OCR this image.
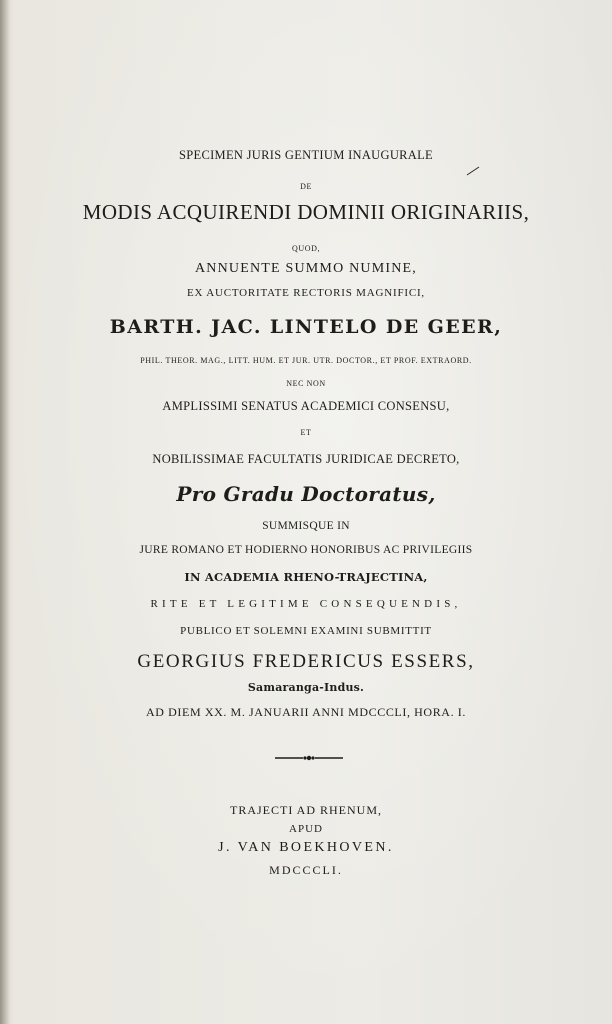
SPECIMEN JURIS GENTIUM INAUGURALE
DE
MODIS ACQUIRENDI DOMINII ORIGINARIIS,
QUOD,
ANNUENTE SUMMO NUMINE,
EX AUCTORITATE RECTORIS MAGNIFICI,
BARTH. JAC. LINTELO DE GEER,
PHIL. THEOR. MAG., LITT. HUM. ET JUR. UTR. DOCTOR., ET PROF. EXTRAORD.
NEC NON
AMPLISSIMI SENATUS ACADEMICI CONSENSU,
ET
NOBILISSIMAE FACULTATIS JURIDICAE DECRETO,
Pro Gradu Doctoratus,
SUMMISQUE IN
JURE ROMANO ET HODIERNO HONORIBUS AC PRIVILEGIIS
IN ACADEMIA RHENO-TRAJECTINA,
RITE ET LEGITIME CONSEQUENDIS,
PUBLICO ET SOLEMNI EXAMINI SUBMITTIT
GEORGIUS FREDERICUS ESSERS,
Samaranga-Indus.
AD DIEM XX. M. JANUARII ANNI MDCCCLI, HORA. I.
TRAJECTI AD RHENUM,
APUD
J. VAN BOEKHOVEN.
MDCCCLI.
